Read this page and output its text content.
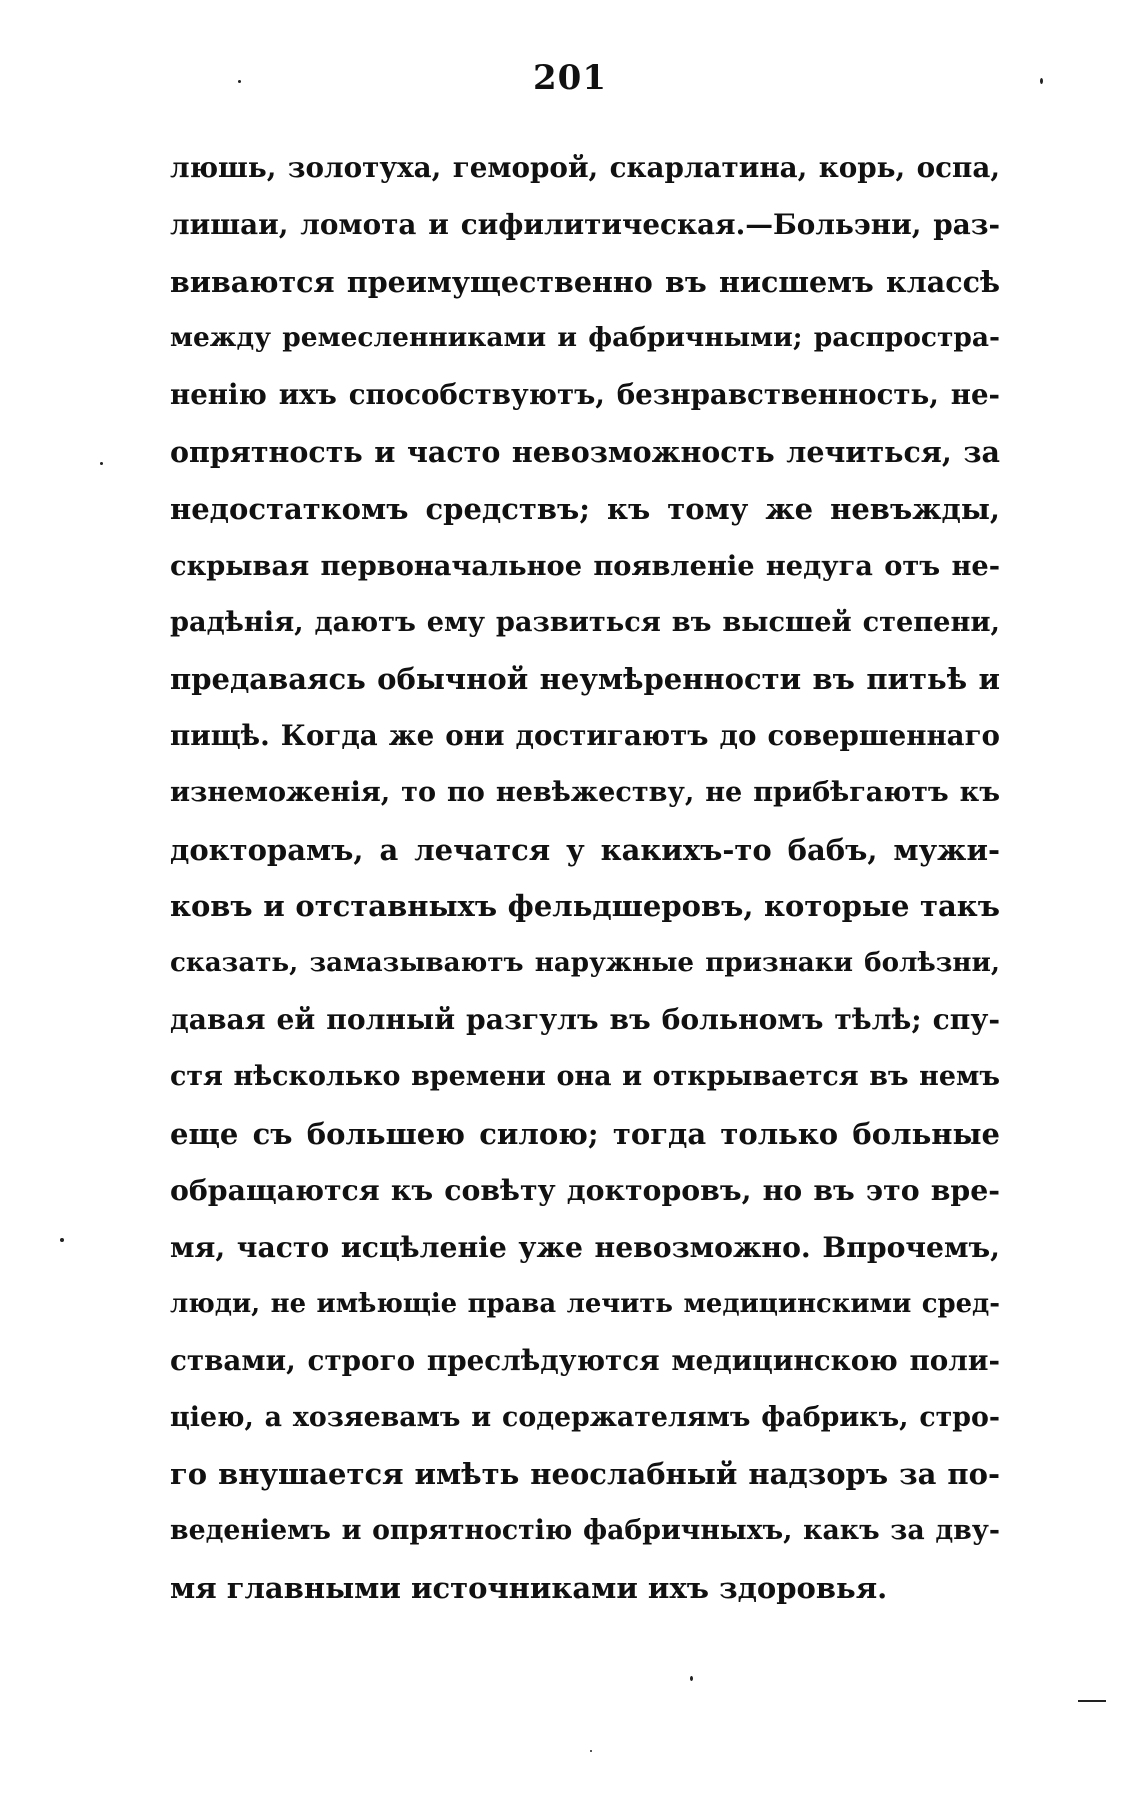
201
люшь, золотуха, геморой, скарлатина, корь, оспа,
лишаи, ломота и сифилитическая.—Больэни, раз-
виваются преимущественно въ нисшемъ классѣ
между ремесленниками и фабричными; распростра-
ненію ихъ способствуютъ, безнравственность, не-
опрятность и часто невозможность лечиться, за
недостаткомъ средствъ; къ тому же невъжды,
скрывая первоначальное появленіе недуга отъ не-
радѣнія, даютъ ему развиться въ высшей степени,
предаваясь обычной неумѣренности въ питьѣ и
пищѣ. Когда же они достигаютъ до совершеннаго
изнеможенія, то по невѣжеству, не прибѣгаютъ къ
докторамъ, а лечатся у какихъ-то бабъ, мужи-
ковъ и отставныхъ фельдшеровъ, которые такъ
сказать, замазываютъ наружные признаки болѣзни,
давая ей полный разгулъ въ больномъ тѣлѣ; спу-
стя нѣсколько времени она и открывается въ немъ
еще съ большею силою; тогда только больные
обращаются къ совѣту докторовъ, но въ это вре-
мя, часто исцѣленіе уже невозможно. Впрочемъ,
люди, не имѣющіе права лечить медицинскими сред-
ствами, строго преслѣдуются медицинскою поли-
ціею, а хозяевамъ и содержателямъ фабрикъ, стро-
го внушается имѣть неослабный надзоръ за по-
веденіемъ и опрятностію фабричныхъ, какъ за дву-
мя главными источниками ихъ здоровья.
